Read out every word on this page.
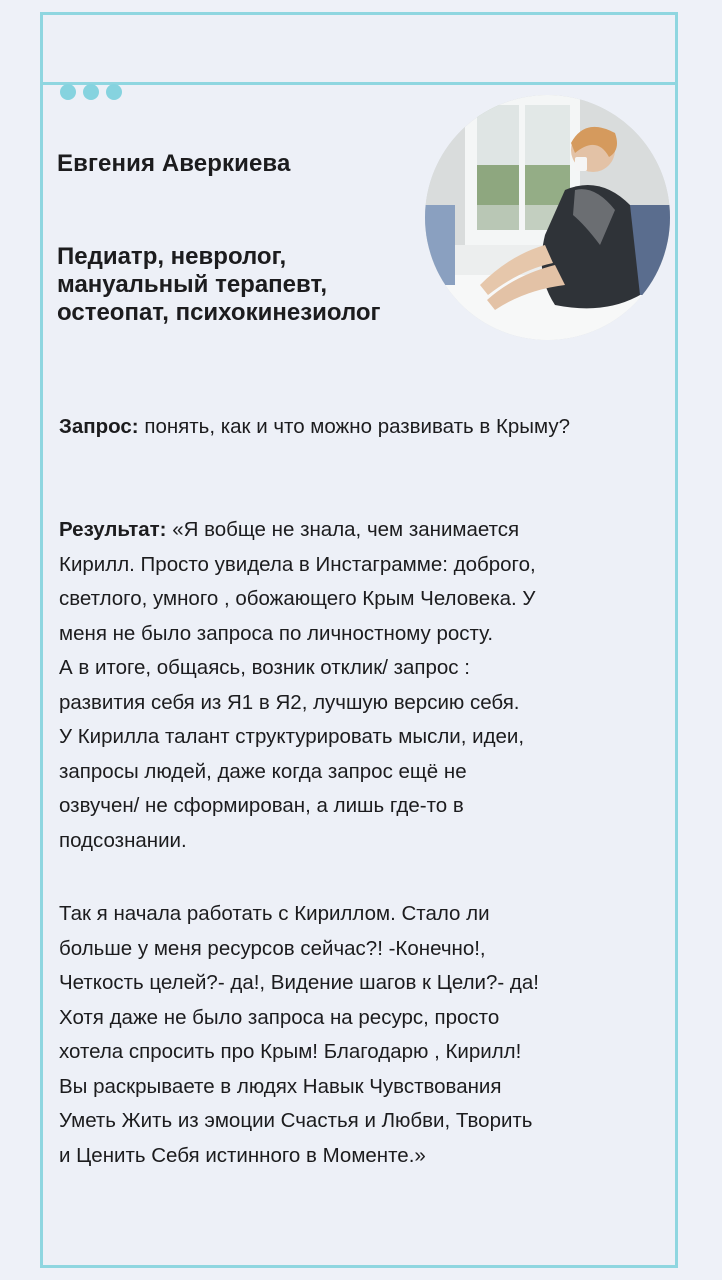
Евгения Аверкиева
Педиатр, невролог,
мануальный терапевт,
остеопат, психокинезиолог

Запрос: понять, как и что можно развивать в Крыму?

Результат: «Я вобще не знала, чем занимается
Кирилл. Просто увидела в Инстаграмме: доброго,
светлого, умного , обожающего Крым Человека. У
меня не было запроса по личностному росту.
А в итоге, общаясь, возник отклик/ запрос :
развития себя из Я1 в Я2, лучшую версию себя.
У Кирилла талант структурировать мысли, идеи,
запросы людей, даже когда запрос ещё не
озвучен/ не сформирован, а лишь где-то в
подсознании.
Так я начала работать с Кириллом. Стало ли
больше у меня ресурсов сейчас?! -Конечно!,
Четкость целей?- да!, Видение шагов к Цели?- да!
Хотя даже не было запроса на ресурс, просто
хотела спросить про Крым! Благодарю , Кирилл!
Вы раскрываете в людях Навык Чувствования
Уметь Жить из эмоции Счастья и Любви, Творить
и Ценить Себя истинного в Моменте.»
